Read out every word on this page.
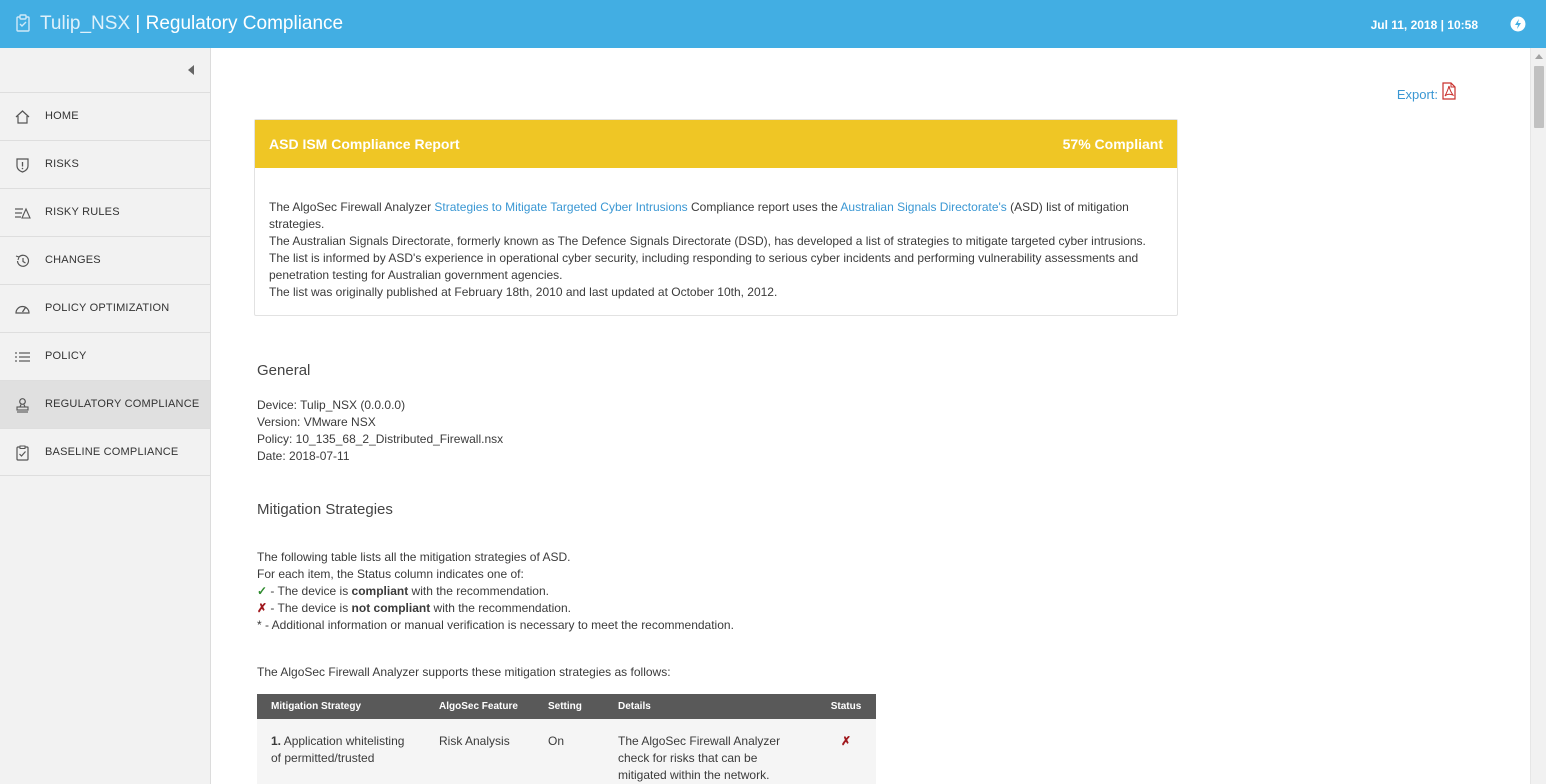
Tulip_NSX | Regulatory Compliance	Jul 11, 2018 | 10:58
HOME
RISKS
RISKY RULES
CHANGES
POLICY OPTIMIZATION
POLICY
REGULATORY COMPLIANCE
BASELINE COMPLIANCE
Export:
ASD ISM Compliance Report	57% Compliant

The AlgoSec Firewall Analyzer Strategies to Mitigate Targeted Cyber Intrusions Compliance report uses the Australian Signals Directorate's (ASD) list of mitigation strategies.

The Australian Signals Directorate, formerly known as The Defence Signals Directorate (DSD), has developed a list of strategies to mitigate targeted cyber intrusions.

The list is informed by ASD's experience in operational cyber security, including responding to serious cyber incidents and performing vulnerability assessments and penetration testing for Australian government agencies.

The list was originally published at February 18th, 2010 and last updated at October 10th, 2012.

General
Device: Tulip_NSX (0.0.0.0)
Version: VMware NSX
Policy: 10_135_68_2_Distributed_Firewall.nsx
Date: 2018-07-11
Mitigation Strategies
The following table lists all the mitigation strategies of ASD.
For each item, the Status column indicates one of:
✓ - The device is compliant with the recommendation.
✗ - The device is not compliant with the recommendation.
* - Additional information or manual verification is necessary to meet the recommendation.
The AlgoSec Firewall Analyzer supports these mitigation strategies as follows:
Mitigation Strategy	AlgoSec Feature	Setting	Details	Status
1. Application whitelisting of permitted/trusted	Risk Analysis	On	The AlgoSec Firewall Analyzer check for risks that can be mitigated within the network.	✗
